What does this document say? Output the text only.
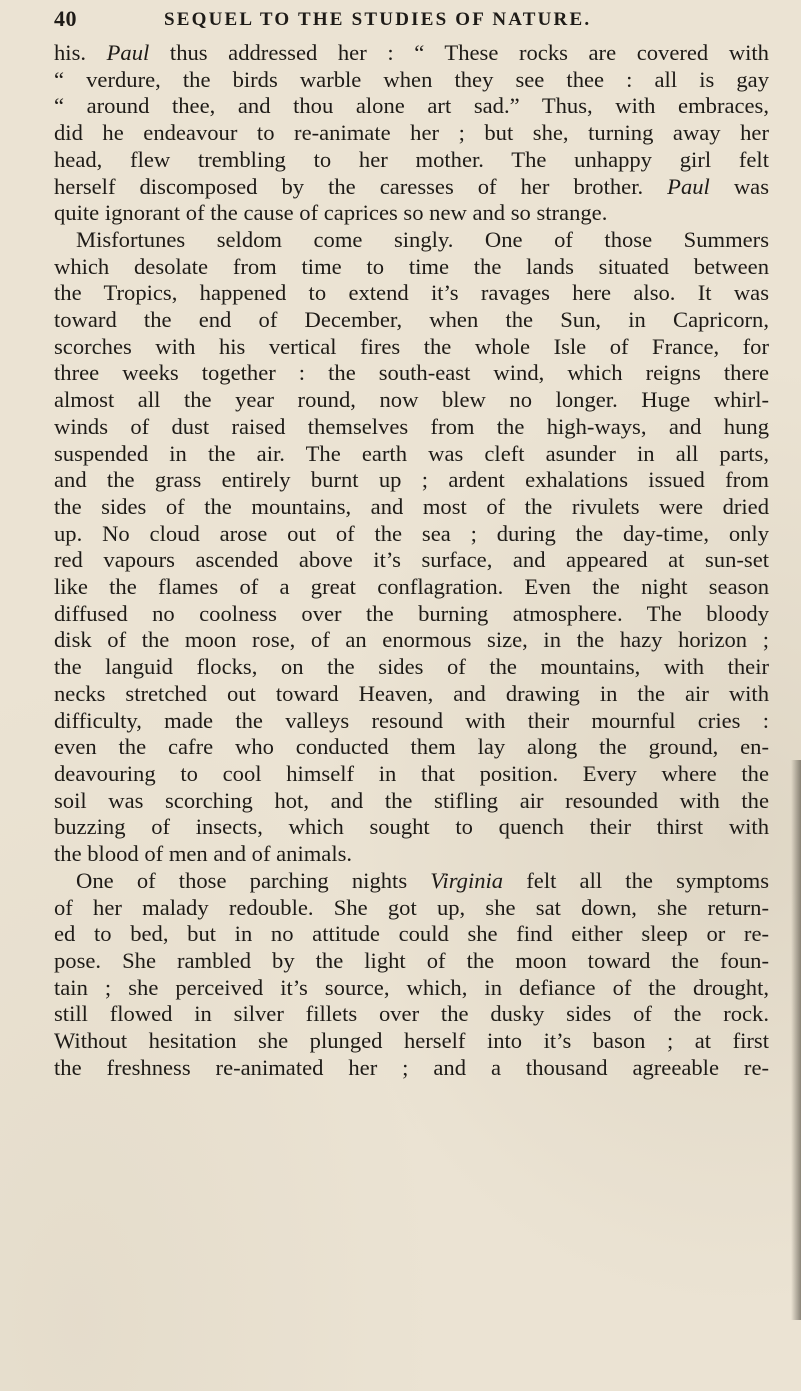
40	SEQUEL TO THE STUDIES OF NATURE.
his. Paul thus addressed her : “ These rocks are covered with
“ verdure, the birds warble when they see thee : all is gay
“ around thee, and thou alone art sad.” Thus, with embraces,
did he endeavour to re-animate her ; but she, turning away her
head, flew trembling to her mother. The unhappy girl felt
herself discomposed by the caresses of her brother. Paul was
quite ignorant of the cause of caprices so new and so strange.
Misfortunes seldom come singly. One of those Summers
which desolate from time to time the lands situated between
the Tropics, happened to extend it’s ravages here also. It was
toward the end of December, when the Sun, in Capricorn,
scorches with his vertical fires the whole Isle of France, for
three weeks together : the south-east wind, which reigns there
almost all the year round, now blew no longer. Huge whirl-
winds of dust raised themselves from the high-ways, and hung
suspended in the air. The earth was cleft asunder in all parts,
and the grass entirely burnt up ; ardent exhalations issued from
the sides of the mountains, and most of the rivulets were dried
up. No cloud arose out of the sea ; during the day-time, only
red vapours ascended above it’s surface, and appeared at sun-set
like the flames of a great conflagration. Even the night season
diffused no coolness over the burning atmosphere. The bloody
disk of the moon rose, of an enormous size, in the hazy horizon ;
the languid flocks, on the sides of the mountains, with their
necks stretched out toward Heaven, and drawing in the air with
difficulty, made the valleys resound with their mournful cries :
even the cafre who conducted them lay along the ground, en-
deavouring to cool himself in that position. Every where the
soil was scorching hot, and the stifling air resounded with the
buzzing of insects, which sought to quench their thirst with
the blood of men and of animals.
One of those parching nights Virginia felt all the symptoms
of her malady redouble. She got up, she sat down, she return-
ed to bed, but in no attitude could she find either sleep or re-
pose. She rambled by the light of the moon toward the foun-
tain ; she perceived it’s source, which, in defiance of the drought,
still flowed in silver fillets over the dusky sides of the rock.
Without hesitation she plunged herself into it’s bason ; at first
the freshness re-animated her ; and a thousand agreeable re-
